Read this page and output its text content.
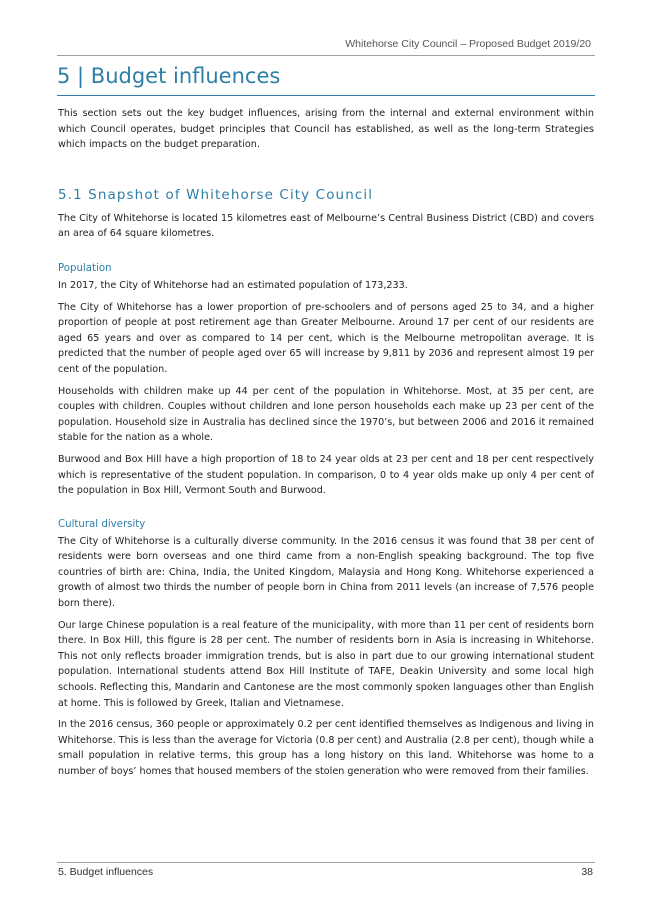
Whitehorse City Council – Proposed Budget 2019/20
5 | Budget influences

This section sets out the key budget influences, arising from the internal and external environment within which Council operates, budget principles that Council has established, as well as the long-term Strategies which impacts on the budget preparation.

5.1 Snapshot of Whitehorse City Council

The City of Whitehorse is located 15 kilometres east of Melbourne’s Central Business District (CBD) and covers an area of 64 square kilometres.

Population

In 2017, the City of Whitehorse had an estimated population of 173,233.

The City of Whitehorse has a lower proportion of pre-schoolers and of persons aged 25 to 34, and a higher proportion of people at post retirement age than Greater Melbourne. Around 17 per cent of our residents are aged 65 years and over as compared to 14 per cent, which is the Melbourne metropolitan average. It is predicted that the number of people aged over 65 will increase by 9,811 by 2036 and represent almost 19 per cent of the population.

Households with children make up 44 per cent of the population in Whitehorse. Most, at 35 per cent, are couples with children. Couples without children and lone person households each make up 23 per cent of the population. Household size in Australia has declined since the 1970’s, but between 2006 and 2016 it remained stable for the nation as a whole.

Burwood and Box Hill have a high proportion of 18 to 24 year olds at 23 per cent and 18 per cent respectively which is representative of the student population. In comparison, 0 to 4 year olds make up only 4 per cent of the population in Box Hill, Vermont South and Burwood.

Cultural diversity

The City of Whitehorse is a culturally diverse community. In the 2016 census it was found that 38 per cent of residents were born overseas and one third came from a non-English speaking background. The top five countries of birth are: China, India, the United Kingdom, Malaysia and Hong Kong. Whitehorse experienced a growth of almost two thirds the number of people born in China from 2011 levels (an increase of 7,576 people born there).

Our large Chinese population is a real feature of the municipality, with more than 11 per cent of residents born there. In Box Hill, this figure is 28 per cent. The number of residents born in Asia is increasing in Whitehorse. This not only reflects broader immigration trends, but is also in part due to our growing international student population. International students attend Box Hill Institute of TAFE, Deakin University and some local high schools. Reflecting this, Mandarin and Cantonese are the most commonly spoken languages other than English at home. This is followed by Greek, Italian and Vietnamese.

In the 2016 census, 360 people or approximately 0.2 per cent identified themselves as Indigenous and living in Whitehorse. This is less than the average for Victoria (0.8 per cent) and Australia (2.8 per cent), though while a small population in relative terms, this group has a long history on this land. Whitehorse was home to a number of boys’ homes that housed members of the stolen generation who were removed from their families.

5. Budget influences	38
